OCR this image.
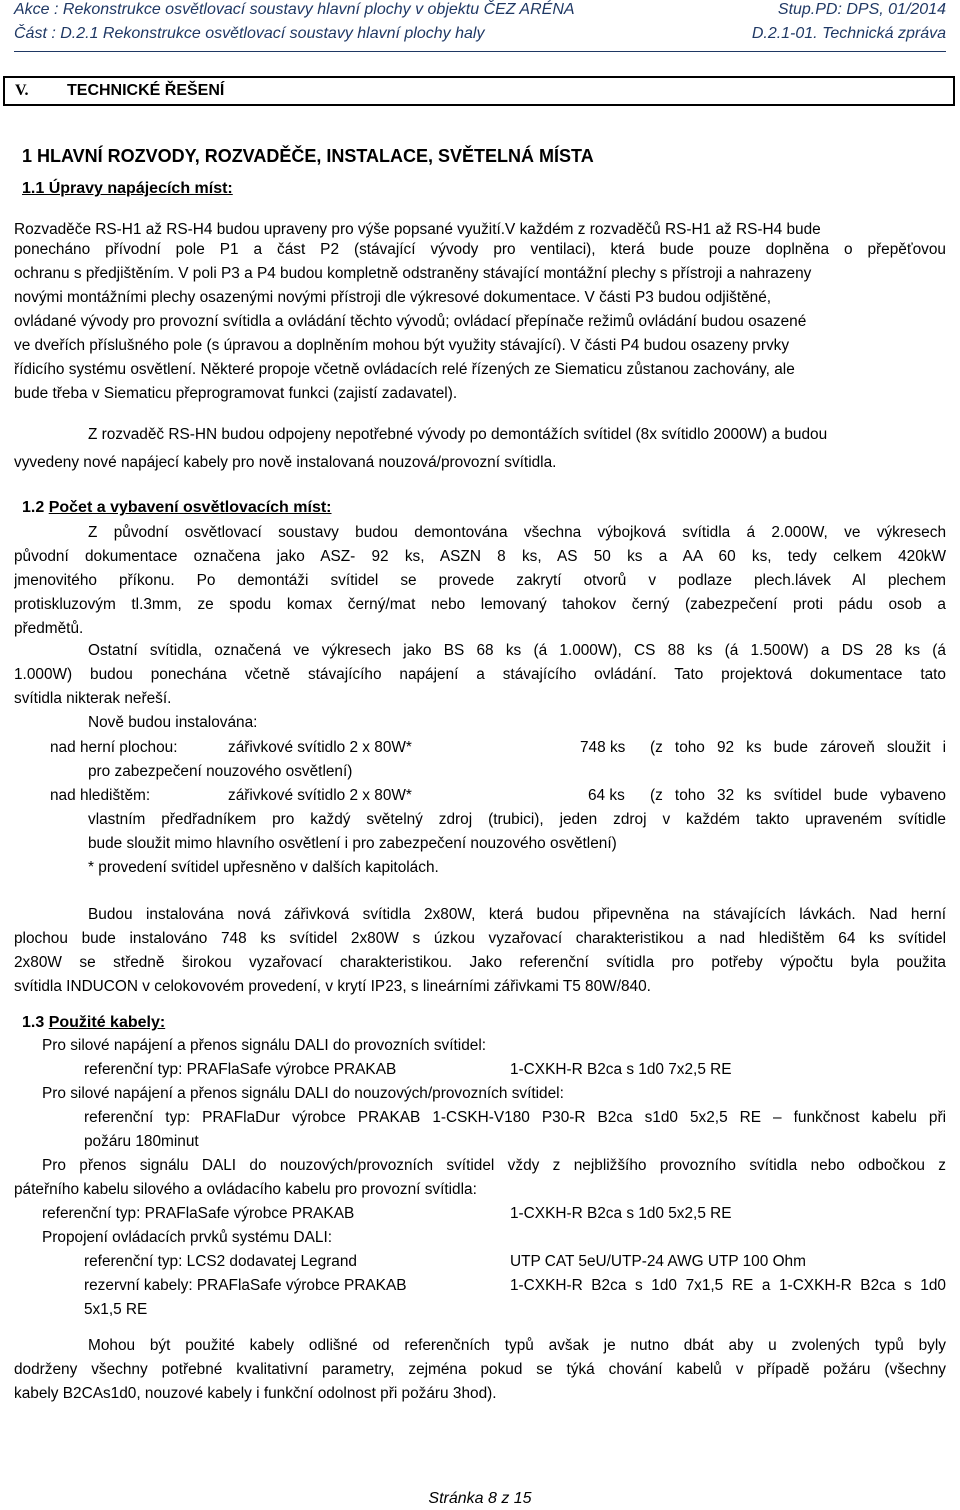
Akce : Rekonstrukce osvětlovací soustavy hlavní plochy v objektu ČEZ ARÉNA	Stup.PD: DPS, 01/2014
Část : D.2.1 Rekonstrukce osvětlovací soustavy hlavní plochy haly	D.2.1-01. Technická zpráva
V. TECHNICKÉ ŘEŠENÍ
1 HLAVNÍ ROZVODY, ROZVADĚČE, INSTALACE, SVĚTELNÁ MÍSTA
1.1 Úpravy napájecích míst:
Rozvaděče RS-H1 až RS-H4 budou upraveny pro výše popsané využití.V každém z rozvaděčů RS-H1 až RS-H4 bude
ponecháno přívodní pole P1 a část P2 (stávající vývody pro ventilaci), která bude pouze doplněna o přepěťovou
ochranu s předjištěním. V poli P3 a P4 budou kompletně odstraněny stávající montážní plechy s přístroji a nahrazeny
novými montážními plechy osazenými novými přístroji dle výkresové dokumentace. V části P3 budou odjištěné,
ovládané vývody pro provozní svítidla a ovládání těchto vývodů; ovládací přepínače režimů ovládání budou osazené
ve dveřích příslušného pole (s úpravou a doplněním mohou být využity stávající). V části P4 budou osazeny prvky
řídicího systému osvětlení. Některé propoje včetně ovládacích relé řízených ze Siematicu zůstanou zachovány, ale
bude třeba v Siematicu přeprogramovat funkci (zajistí zadavatel).
Z rozvaděč RS-HN budou odpojeny nepotřebné vývody po demontážích svítidel (8x svítidlo 2000W) a budou
vyvedeny nové napájecí kabely pro nově instalovaná nouzová/provozní svítidla.
1.2 Počet a vybavení osvětlovacích míst:
Z původní osvětlovací soustavy budou demontována všechna výbojková svítidla á 2.000W, ve výkresech
původní dokumentace označena jako ASZ- 92 ks, ASZN 8 ks, AS 50 ks a AA 60 ks, tedy celkem 420kW
jmenovitého příkonu. Po demontáži svítidel se provede zakrytí otvorů v podlaze plech.lávek Al plechem
protiskluzovým tl.3mm, ze spodu komax černý/mat nebo lemovaný tahokov černý (zabezpečení proti pádu osob a
předmětů.
Ostatní svítidla, označená ve výkresech jako BS 68 ks (á 1.000W), CS 88 ks (á 1.500W) a DS 28 ks (á
1.000W) budou ponechána včetně stávajícího napájení a stávajícího ovládání. Tato projektová dokumentace tato
svítidla nikterak neřeší.
Nově budou instalována:
nad herní plochou:	zářivkové svítidlo 2 x 80W*	748 ks (z toho 92 ks bude zároveň sloužit i
pro zabezpečení nouzového osvětlení)
nad hledištěm:	zářivkové svítidlo 2 x 80W*	64 ks (z toho 32 ks svítidel bude vybaveno
vlastním předřadníkem pro každý světelný zdroj (trubici), jeden zdroj v každém takto upraveném svítidle
bude sloužit mimo hlavního osvětlení i pro zabezpečení nouzového osvětlení)
* provedení svítidel upřesněno v dalších kapitolách.
Budou instalována nová zářivková svítidla 2x80W, která budou připevněna na stávajících lávkách. Nad herní
plochou bude instalováno 748 ks svítidel 2x80W s úzkou vyzařovací charakteristikou a nad hledištěm 64 ks svítidel
2x80W se středně širokou vyzařovací charakteristikou. Jako referenční svítidla pro potřeby výpočtu byla použita
svítidla INDUCON v celokovovém provedení, v krytí IP23, s lineárními zářivkami T5 80W/840.
1.3 Použité kabely:
Pro silové napájení a přenos signálu DALI do provozních svítidel:
referenční typ: PRAFlaSafe výrobce PRAKAB	1-CXKH-R B2ca s 1d0 7x2,5 RE
Pro silové napájení a přenos signálu DALI do nouzových/provozních svítidel:
referenční typ: PRAFlaDur výrobce PRAKAB 1-CSKH-V180 P30-R B2ca s1d0 5x2,5 RE – funkčnost kabelu při
požáru 180minut
Pro přenos signálu DALI do nouzových/provozních svítidel vždy z nejbližšího provozního svítidla nebo odbočkou z
páteřního kabelu silového a ovládacího kabelu pro provozní svítidla:
referenční typ: PRAFlaSafe výrobce PRAKAB	1-CXKH-R B2ca s 1d0 5x2,5 RE
Propojení ovládacích prvků systému DALI:
referenční typ: LCS2 dodavatej Legrand	UTP CAT 5eU/UTP-24 AWG UTP 100 Ohm
rezervní kabely: PRAFlaSafe výrobce PRAKAB	1-CXKH-R B2ca s 1d0 7x1,5 RE a 1-CXKH-R B2ca s 1d0
5x1,5 RE
Mohou být použité kabely odlišné od referenčních typů avšak je nutno dbát aby u zvolených typů byly
dodrženy všechny potřebné kvalitativní parametry, zejména pokud se týká chování kabelů v případě požáru (všechny
kabely B2CAs1d0, nouzové kabely i funkční odolnost při požáru 3hod).
Stránka 8 z 15
